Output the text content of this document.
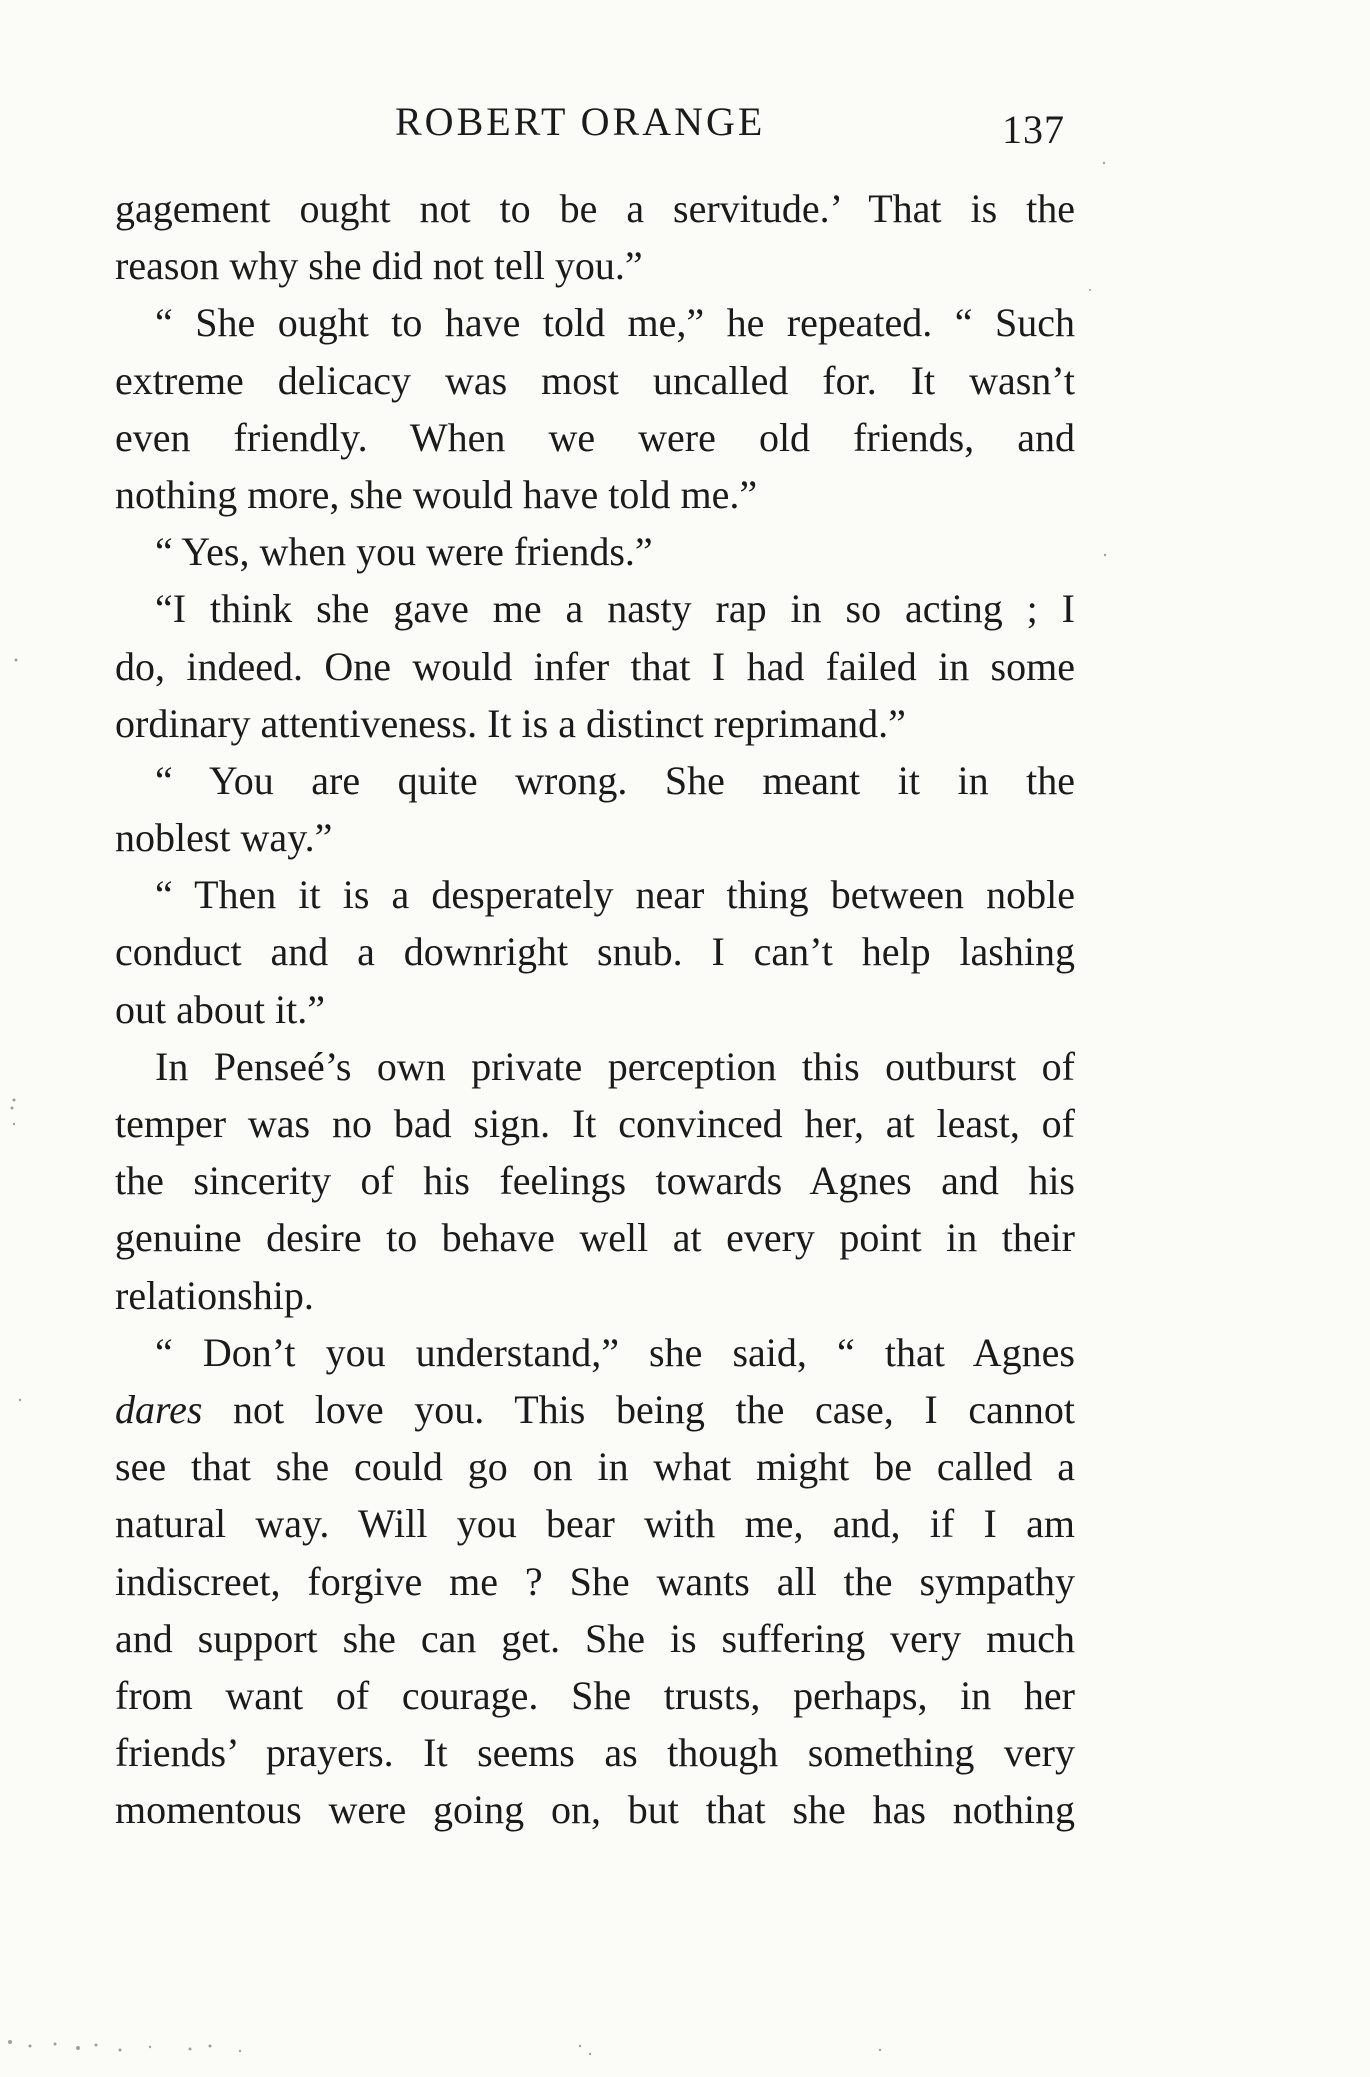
ROBERT ORANGE	137
gagement ought not to be a servitude.’ That is the
reason why she did not tell you.”
“ She ought to have told me,” he repeated. “ Such
extreme delicacy was most uncalled for. It wasn’t
even friendly. When we were old friends, and
nothing more, she would have told me.”
“ Yes, when you were friends.”
“I think she gave me a nasty rap in so acting ; I
do, indeed. One would infer that I had failed in some
ordinary attentiveness. It is a distinct reprimand.”
“ You are quite wrong. She meant it in the
noblest way.”
“ Then it is a desperately near thing between noble
conduct and a downright snub. I can’t help lashing
out about it.”
In Penseé’s own private perception this outburst of
temper was no bad sign. It convinced her, at least, of
the sincerity of his feelings towards Agnes and his
genuine desire to behave well at every point in their
relationship.
“ Don’t you understand,” she said, “ that Agnes
dares not love you. This being the case, I cannot
see that she could go on in what might be called a
natural way. Will you bear with me, and, if I am
indiscreet, forgive me ? She wants all the sympathy
and support she can get. She is suffering very much
from want of courage. She trusts, perhaps, in her
friends’ prayers. It seems as though something very
momentous were going on, but that she has nothing
